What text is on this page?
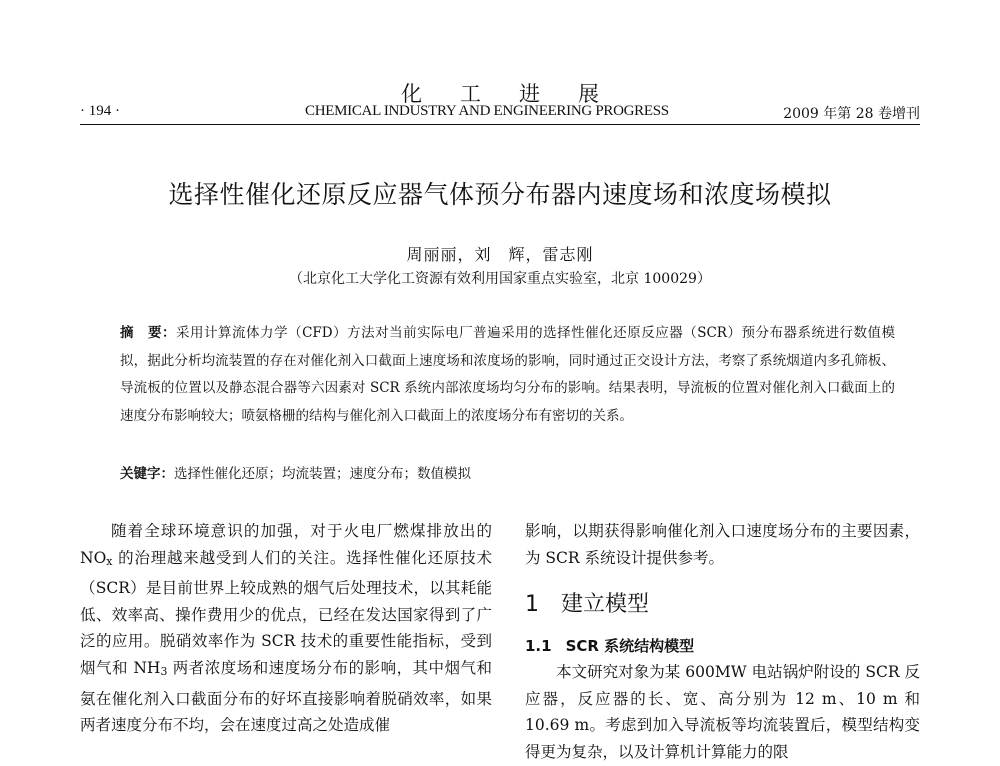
化工进展
· 194 ·	CHEMICAL INDUSTRY AND ENGINEERING PROGRESS	2009 年第 28 卷增刊
选择性催化还原反应器气体预分布器内速度场和浓度场模拟
周丽丽，刘　辉，雷志刚
（北京化工大学化工资源有效利用国家重点实验室，北京 100029）
摘　要：采用计算流体力学（CFD）方法对当前实际电厂普遍采用的选择性催化还原反应器（SCR）预分布器系统进行数值模拟，据此分析均流装置的存在对催化剂入口截面上速度场和浓度场的影响，同时通过正交设计方法，考察了系统烟道内多孔筛板、导流板的位置以及静态混合器等六因素对 SCR 系统内部浓度场均匀分布的影响。结果表明，导流板的位置对催化剂入口截面上的速度分布影响较大；喷氨格栅的结构与催化剂入口截面上的浓度场分布有密切的关系。
关键字：选择性催化还原；均流装置；速度分布；数值模拟

随着全球环境意识的加强，对于火电厂燃煤排放出的 $NO_x$ 的治理越来越受到人们的关注。选择性催化还原技术（SCR）是目前世界上较成熟的烟气后处理技术，以其耗能低、效率高、操作费用少的优点，已经在发达国家得到了广泛的应用。脱硝效率作为 SCR 技术的重要性能指标，受到烟气和 $NH_3$ 两者浓度场和速度场分布的影响，其中烟气和氨在催化剂入口截面分布的好坏直接影响着脱硝效率，如果两者速度分布不均，会在速度过高之处造成催

影响，以期获得影响催化剂入口速度场分布的主要因素，为 SCR 系统设计提供参考。

1 建立模型
1.1 SCR 系统结构模型

本文研究对象为某 600MW 电站锅炉附设的 SCR 反应器，反应器的长、宽、高分别为 12 m、10 m 和 10.69 m。考虑到加入导流板等均流装置后，模型结构变得更为复杂，以及计算机计算能力的限
